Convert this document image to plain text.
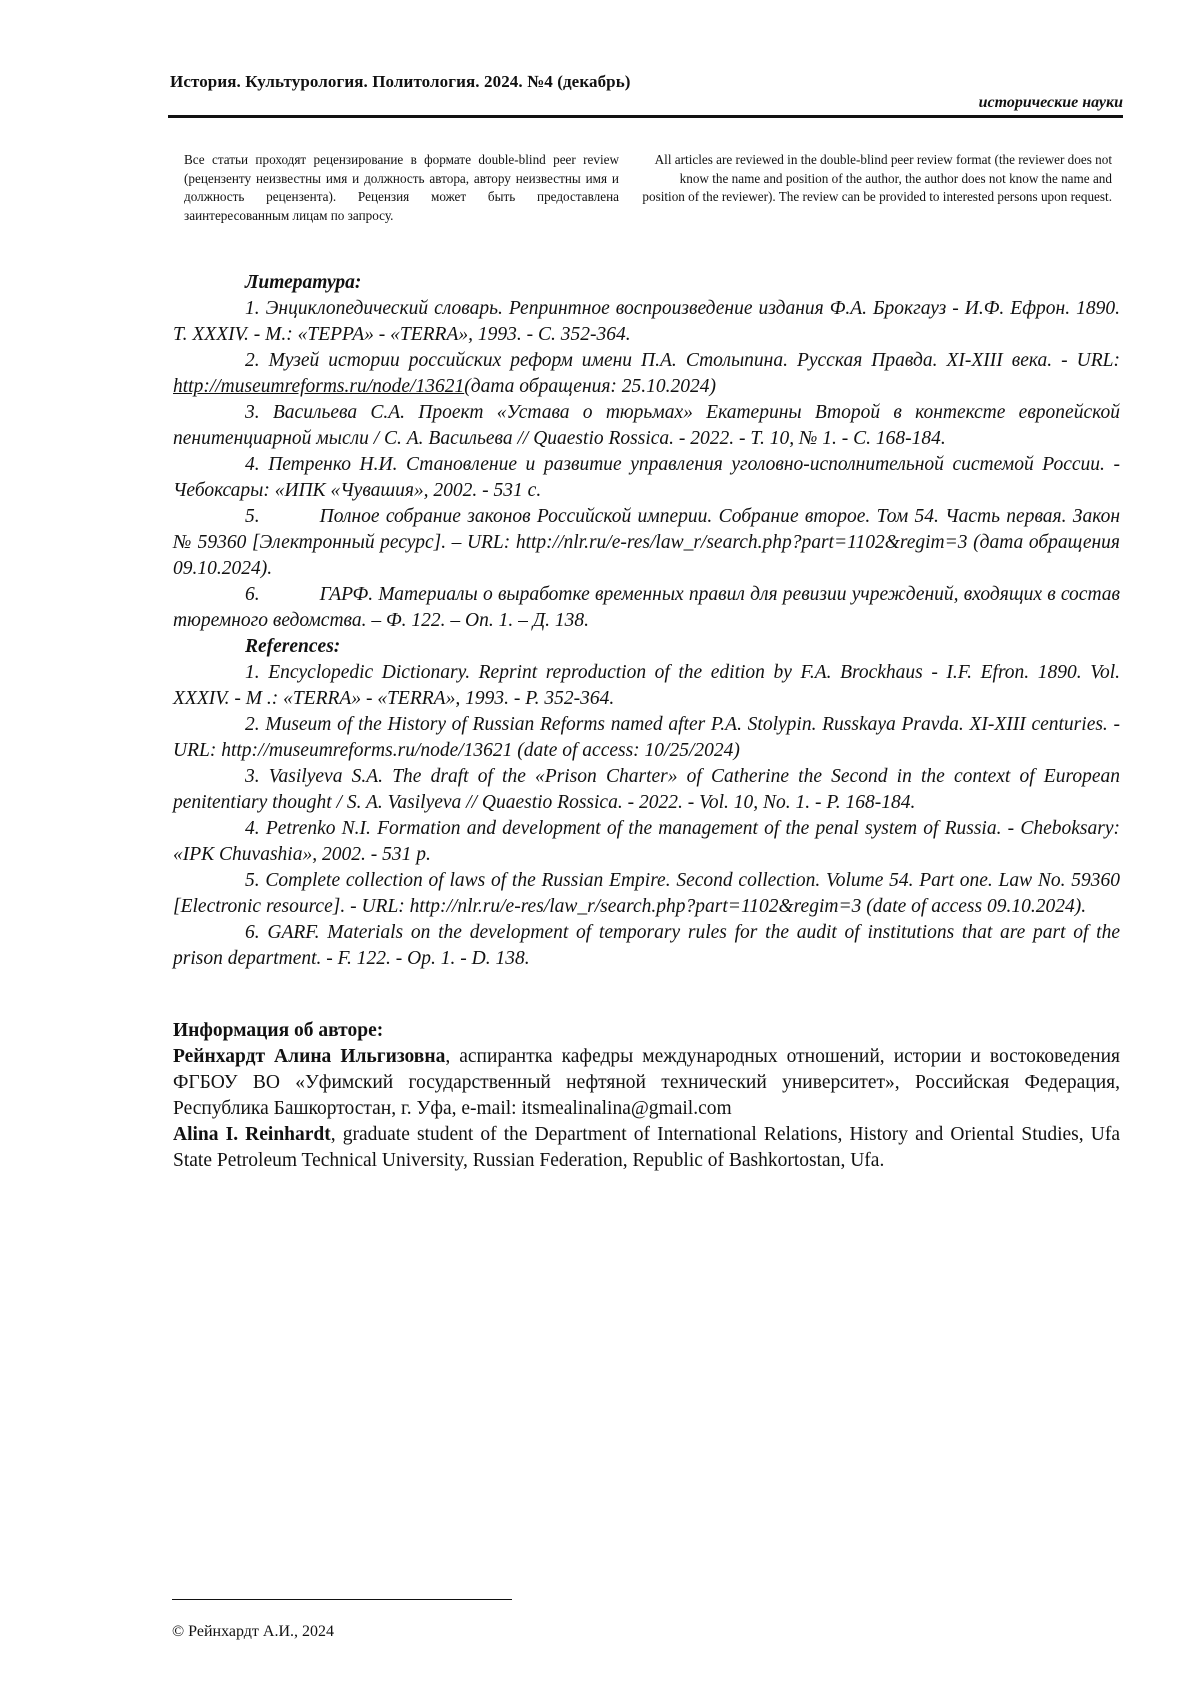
История. Культурология. Политология. 2024. №4 (декабрь)
исторические науки
Все статьи проходят рецензирование в формате double-blind peer review (рецензенту неизвестны имя и должность автора, автору неизвестны имя и должность рецензента). Рецензия может быть предоставлена заинтересованным лицам по запросу.
All articles are reviewed in the double-blind peer review format (the reviewer does not know the name and position of the author, the author does not know the name and position of the reviewer). The review can be provided to interested persons upon request.

Литература:

1. Энциклопедический словарь. Репринтное воспроизведение издания Ф.А. Брокгауз - И.Ф. Ефрон. 1890. Т. XXXIV. - М.: «ТЕРРА» - «TERRA», 1993. - С. 352-364.

2. Музей истории российских реформ имени П.А. Столыпина. Русская Правда. XI-XIII века. - URL: http://museumreforms.ru/node/13621(дата обращения: 25.10.2024)

3. Васильева С.А. Проект «Устава о тюрьмах» Екатерины Второй в контексте европейской пенитенциарной мысли / С. А. Васильева // Quaestio Rossica. - 2022. - Т. 10, № 1. - С. 168-184.

4. Петренко Н.И. Становление и развитие управления уголовно-исполнительной системой России. - Чебоксары: «ИПК «Чувашия», 2002. - 531 с.

5.	Полное собрание законов Российской империи. Собрание второе. Том 54. Часть первая. Закон № 59360 [Электронный ресурс]. – URL: http://nlr.ru/e-res/law_r/search.php?part=1102&regim=3 (дата обращения 09.10.2024).

6.	ГАРФ. Материалы о выработке временных правил для ревизии учреждений, входящих в состав тюремного ведомства. – Ф. 122. – Оп. 1. – Д. 138.

References:

1. Encyclopedic Dictionary. Reprint reproduction of the edition by F.A. Brockhaus - I.F. Efron. 1890. Vol. XXXIV. - M .: «TERRA» - «TERRA», 1993. - P. 352-364.

2. Museum of the History of Russian Reforms named after P.A. Stolypin. Russkaya Pravda. XI-XIII centuries. - URL: http://museumreforms.ru/node/13621 (date of access: 10/25/2024)

3. Vasilyeva S.A. The draft of the «Prison Charter» of Catherine the Second in the context of European penitentiary thought / S. A. Vasilyeva // Quaestio Rossica. - 2022. - Vol. 10, No. 1. - P. 168-184.

4. Petrenko N.I. Formation and development of the management of the penal system of Russia. - Cheboksary: «IPK Chuvashia», 2002. - 531 p.

5. Complete collection of laws of the Russian Empire. Second collection. Volume 54. Part one. Law No. 59360 [Electronic resource]. - URL: http://nlr.ru/e-res/law_r/search.php?part=1102&regim=3 (date of access 09.10.2024).

6. GARF. Materials on the development of temporary rules for the audit of institutions that are part of the prison department. - F. 122. - Op. 1. - D. 138.

Информация об авторе:

Рейнхардт Алина Ильгизовна, аспирантка кафедры международных отношений, истории и востоковедения ФГБОУ ВО «Уфимский государственный нефтяной технический университет», Российская Федерация, Республика Башкортостан, г. Уфа, e-mail: itsmealinalina@gmail.com

Alina I. Reinhardt, graduate student of the Department of International Relations, History and Oriental Studies, Ufa State Petroleum Technical University, Russian Federation, Republic of Bashkortostan, Ufa.

© Рейнхардт А.И., 2024
